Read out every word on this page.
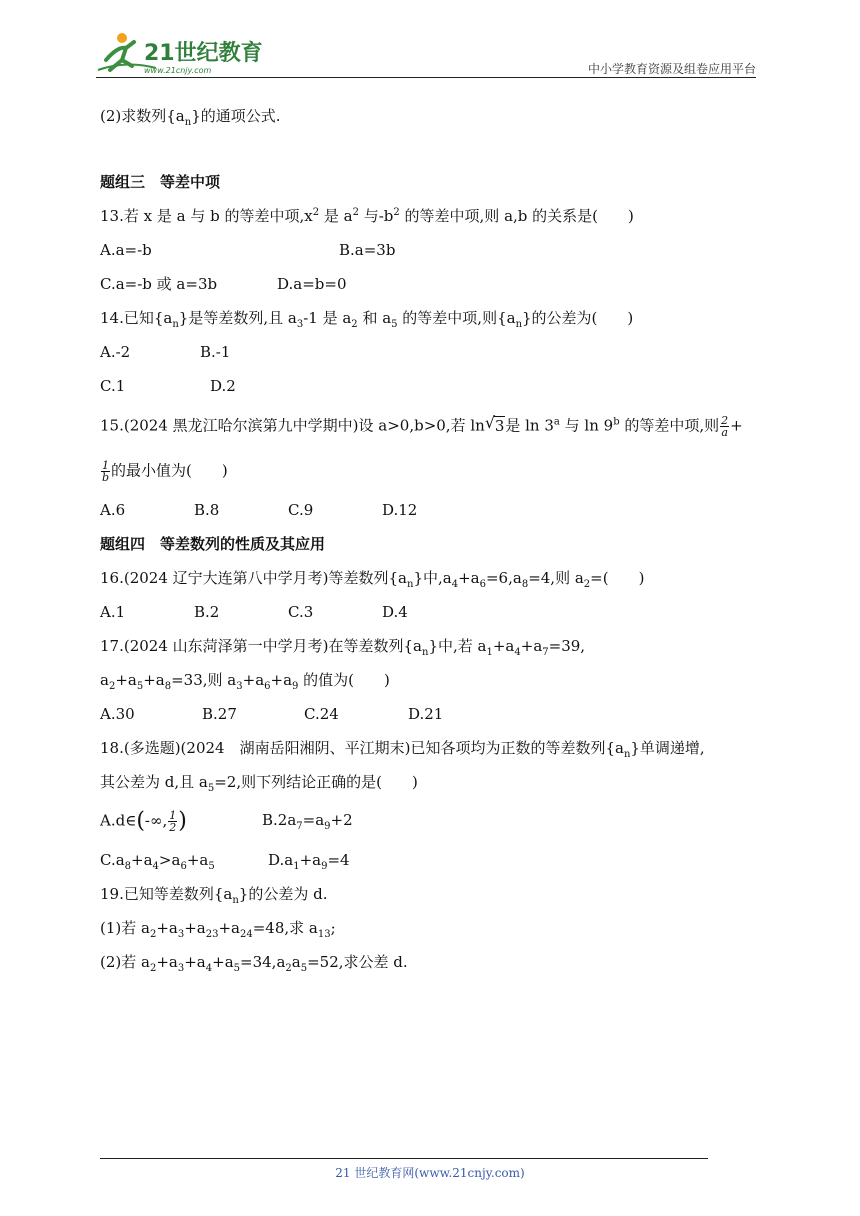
21世纪教育
www.21cnjy.com	中小学教育资源及组卷应用平台
(2)求数列$\{a_n\}$的通项公式.
题组三　等差中项
13.若 x 是 a 与 b 的等差中项$,x^2$ 是 $a^2$ 与$-b^2$ 的等差中项,则 a,b 的关系是(　　)
A.a=-b	B.a=3b
C.a=-b 或 a=3b	D.a=b=0
14.已知$\{a_n\}$是等差数列,且 $a_3-1$ 是 $a_2$ 和 $a_5$ 的等差中项,则$\{a_n\}$的公差为(　　)
A.-2	B.-1
C.1	D.2
15.(2024 黑龙江哈尔滨第九中学期中)设 a>0,b>0,若 ln √ 3是 ln 3$^a$ 与 ln 9$^b$ 的等差中项,则 $\frac{2}{a}$ +
$\frac{1}{b}$ 的最小值为(　　)
A.6	B.8	C.9	D.12
题组四　等差数列的性质及其应用
16.(2024 辽宁大连第八中学月考)等差数列$\{a_n\}$中$,a_4+a_6=6,a_8=4$,则 $a_2=$(　　)
A.1	B.2	C.3	D.4
17.(2024 山东菏泽第一中学月考)在等差数列$\{a_n\}$中,若 $a_1+a_4+a_7=39$,
$a_2+a_5+a_8=33$,则 $a_3+a_6+a_9$ 的值为(　　)
A.30	B.27	C.24	D.21
18.(多选题)(2024　湖南岳阳湘阴、平江期末)已知各项均为正数的等差数列$\{a_n\}$单调递增,
其公差为 d,且 $a_5=2$,则下列结论正确的是(　　)
A.d∈(-∞, $\frac{1}{2}$ )	$B.2a_7=a_9+2$
$C.a_8+a_4>a_6+a_5$	$D.a_1+a_9=4$
19.已知等差数列$\{a_n\}$的公差为 d.
(1)若 $a_2+a_3+a_{23}+a_{24}=48$,求 $a_{13}$;
(2)若 $a_2+a_3+a_4+a_5=34,a_2a_5=52$,求公差 d.
21 世纪教育网(www.21cnjy.com)
